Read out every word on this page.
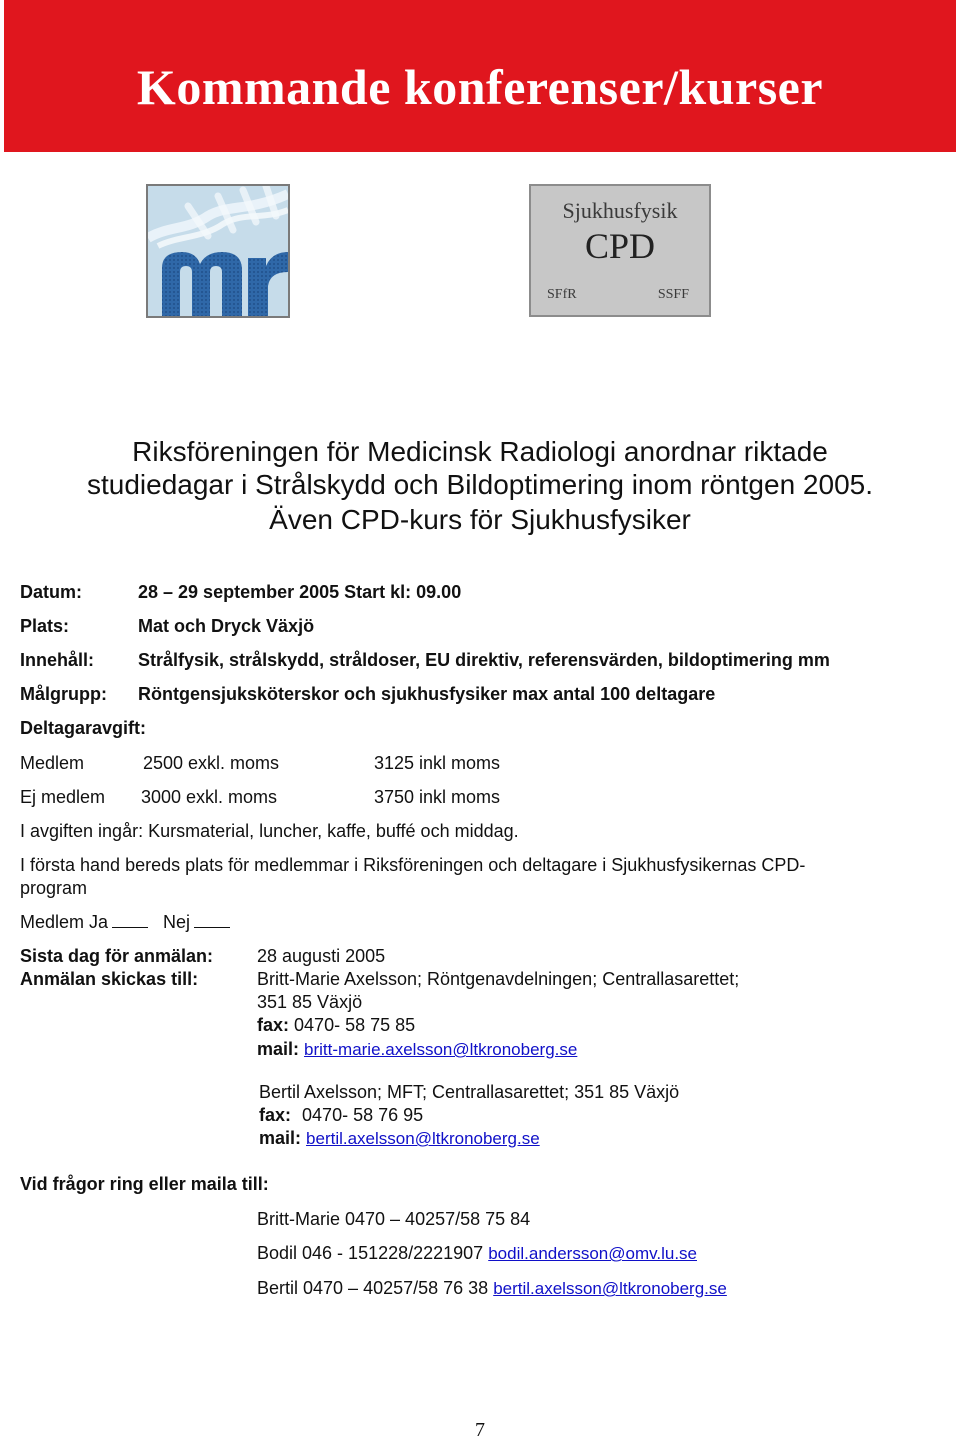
Kommande konferenser/kurser
Sjukhusfysik
CPD
SFfR	SSFF
Riksföreningen för Medicinsk Radiologi anordnar riktade
studiedagar i Strålskydd och Bildoptimering inom röntgen 2005.
Även CPD-kurs för Sjukhusfysiker
Datum:	28 – 29 september 2005 Start kl: 09.00
Plats:	Mat och Dryck Växjö
Innehåll: Strålfysik, strålskydd, stråldoser, EU direktiv, referensvärden, bildoptimering mm
Målgrupp: Röntgensjuksköterskor och sjukhusfysiker max antal 100 deltagare
Deltagaravgift:
Medlem	2500 exkl. moms	3125 inkl moms
Ej medlem 3000 exkl. moms	3750 inkl moms
I avgiften ingår: Kursmaterial, luncher, kaffe, buffé och middag.
I första hand bereds plats för medlemmar i Riksföreningen och deltagare i Sjukhusfysikernas CPD-
program
Medlem Ja	Nej
Sista dag för anmälan: 28 augusti 2005
Anmälan skickas till:	Britt-Marie Axelsson; Röntgenavdelningen; Centrallasarettet;
351 85 Växjö
fax: 0470- 58 75 85
mail: britt-marie.axelsson@ltkronoberg.se
Bertil Axelsson; MFT; Centrallasarettet; 351 85 Växjö
fax: 0470- 58 76 95
mail: bertil.axelsson@ltkronoberg.se
Vid frågor ring eller maila till:
Britt-Marie 0470 – 40257/58 75 84
Bodil 046 - 151228/2221907 bodil.andersson@omv.lu.se
Bertil 0470 – 40257/58 76 38 bertil.axelsson@ltkronoberg.se
7
